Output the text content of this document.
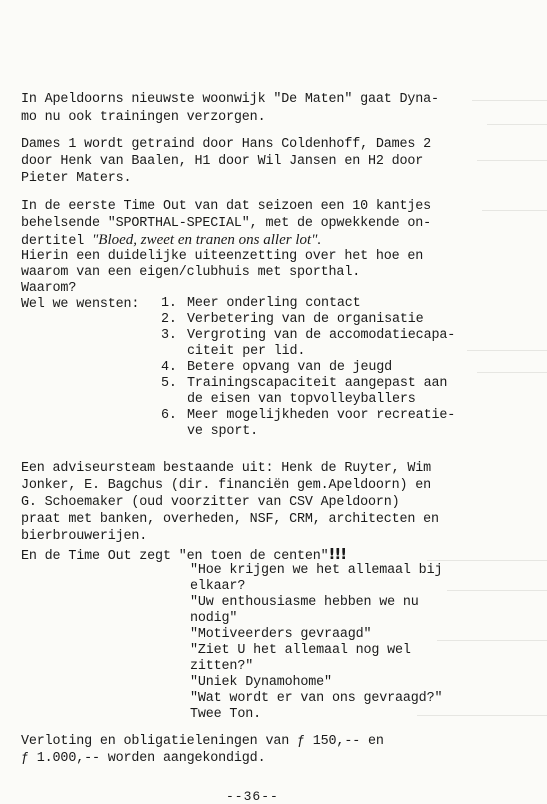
In Apeldoorns nieuwste woonwijk "De Maten" gaat Dyna-
mo nu ook trainingen verzorgen.
Dames 1 wordt getraind door Hans Coldenhoff, Dames 2
door Henk van Baalen, H1 door Wil Jansen en H2 door
Pieter Maters.
In de eerste Time Out van dat seizoen een 10 kantjes
behelsende "SPORTHAL-SPECIAL", met de opwekkende on-
dertitel "Bloed, zweet en tranen ons aller lot".
Hierin een duidelijke uiteenzetting over het hoe en
waarom van een eigen/clubhuis met sporthal.
Waarom?
Wel we wensten: 1. Meer onderling contact
2. Verbetering van de organisatie
3. Vergroting van de accomodatiecapa-
citeit per lid.
4. Betere opvang van de jeugd
5. Trainingscapaciteit aangepast aan
de eisen van topvolleyballers
6. Meer mogelijkheden voor recreatie-
ve sport.
Een adviseursteam bestaande uit: Henk de Ruyter, Wim
Jonker, E. Bagchus (dir. financiën gem.Apeldoorn) en
G. Schoemaker (oud voorzitter van CSV Apeldoorn)
praat met banken, overheden, NSF, CRM, architecten en
bierbrouwerijen.
En de Time Out zegt "en toen de centen"!!!
"Hoe krijgen we het allemaal bij
elkaar?
"Uw enthousiasme hebben we nu
nodig"
"Motiveerders gevraagd"
"Ziet U het allemaal nog wel
zitten?"
"Uniek Dynamohome"
"Wat wordt er van ons gevraagd?"
Twee Ton.
Verloting en obligatieleningen van ƒ 150,-- en
ƒ 1.000,-- worden aangekondigd.
--36--
